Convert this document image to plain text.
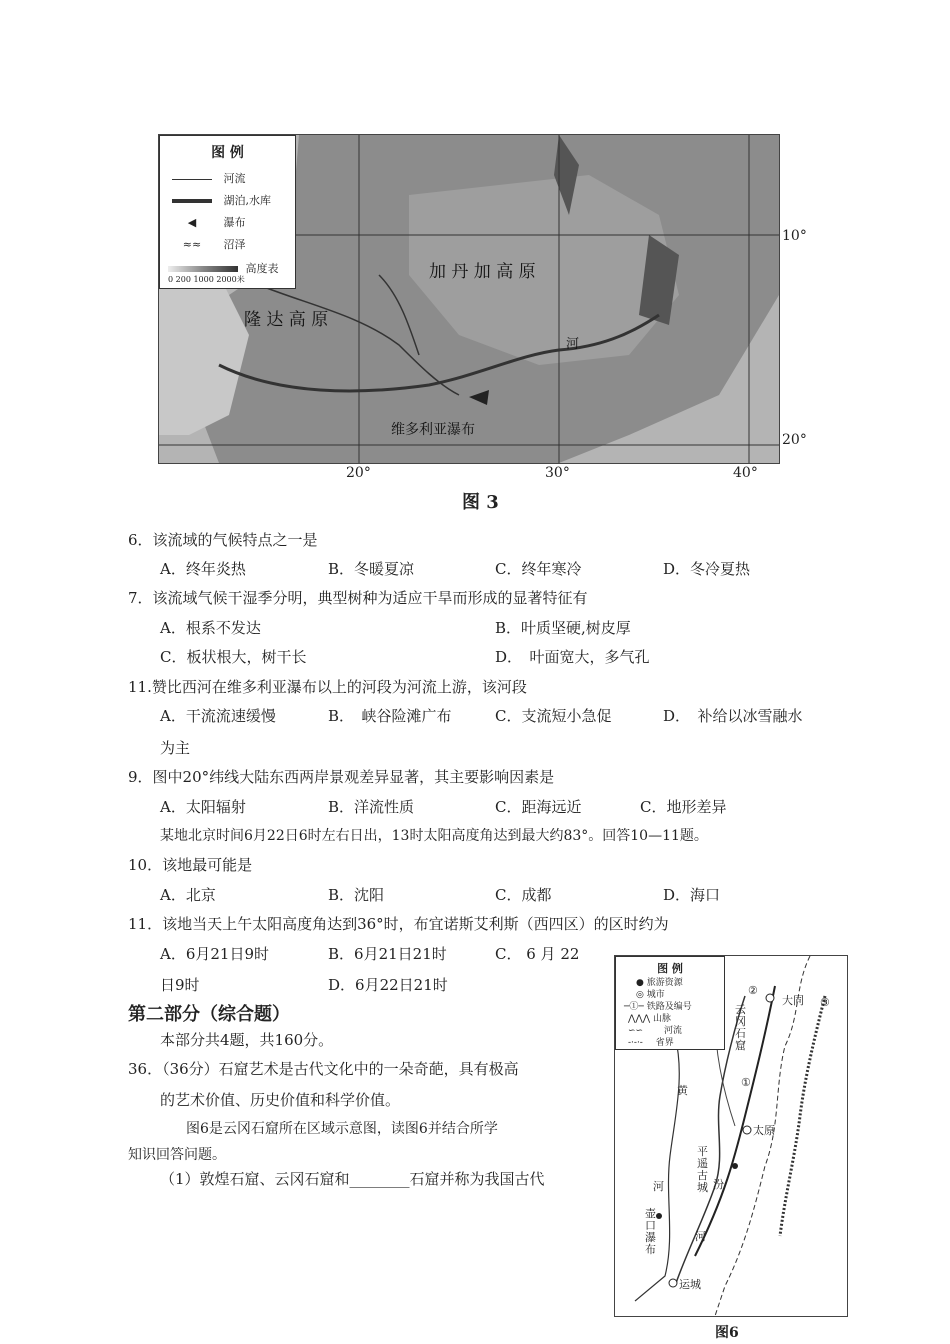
图 例
河流
湖泊,水库
◀ 瀑布
≈≈ 沼泽
高度表
0 200 1000 2000米
隆 达 高 原
加 丹 加 高 原
维多利亚瀑布
河
10°
20°
20°	30°	40°
图 3
6．该流域的气候特点之一是
A．终年炎热	B．冬暖夏凉	C．终年寒冷	D．冬冷夏热
7．该流域气候干湿季分明，典型树种为适应干旱而形成的显著特征有
A．根系不发达	B．叶质坚硬,树皮厚
C．板状根大，树干长	D．　叶面宽大，多气孔
11.赞比西河在维多利亚瀑布以上的河段为河流上游，该河段
A．干流流速缓慢	B．　峡谷险滩广布	C．支流短小急促	D．　补给以冰雪融水
为主
9．图中20°纬线大陆东西两岸景观差异显著，其主要影响因素是
A．太阳辐射	B．洋流性质	C．距海远近	C．地形差异
某地北京时间6月22日6时左右日出，13时太阳高度角达到最大约83°。回答10—11题。
10．该地最可能是
A．北京	B．沈阳	C．成都	D．海口
11．该地当天上午太阳高度角达到36°时，布宜诺斯艾利斯（西四区）的区时约为
A．6月21日9时	B．6月21日21时	C． 6 月 22
日9时	D．6月22日21时
第二部分（综合题）
本部分共4题，共160分。
36．（36分）石窟艺术是古代文化中的一朵奇葩，具有极高
的艺术价值、历史价值和科学价值。
图6是云冈石窟所在区域示意图，读图6并结合所学
知识回答问题。
（1）敦煌石窟、云冈石窟和________石窟并称为我国古代
图 例
● 旅游资源
◎ 城市
─①─ 铁路及编号
⋀⋀⋀ 山脉
∽∽ 河流
-·-·- 省界
大同
云冈石窟
太原
平遥古城
壶口瀑布
运城
黄
河	汾
河
①
②
③
图6
